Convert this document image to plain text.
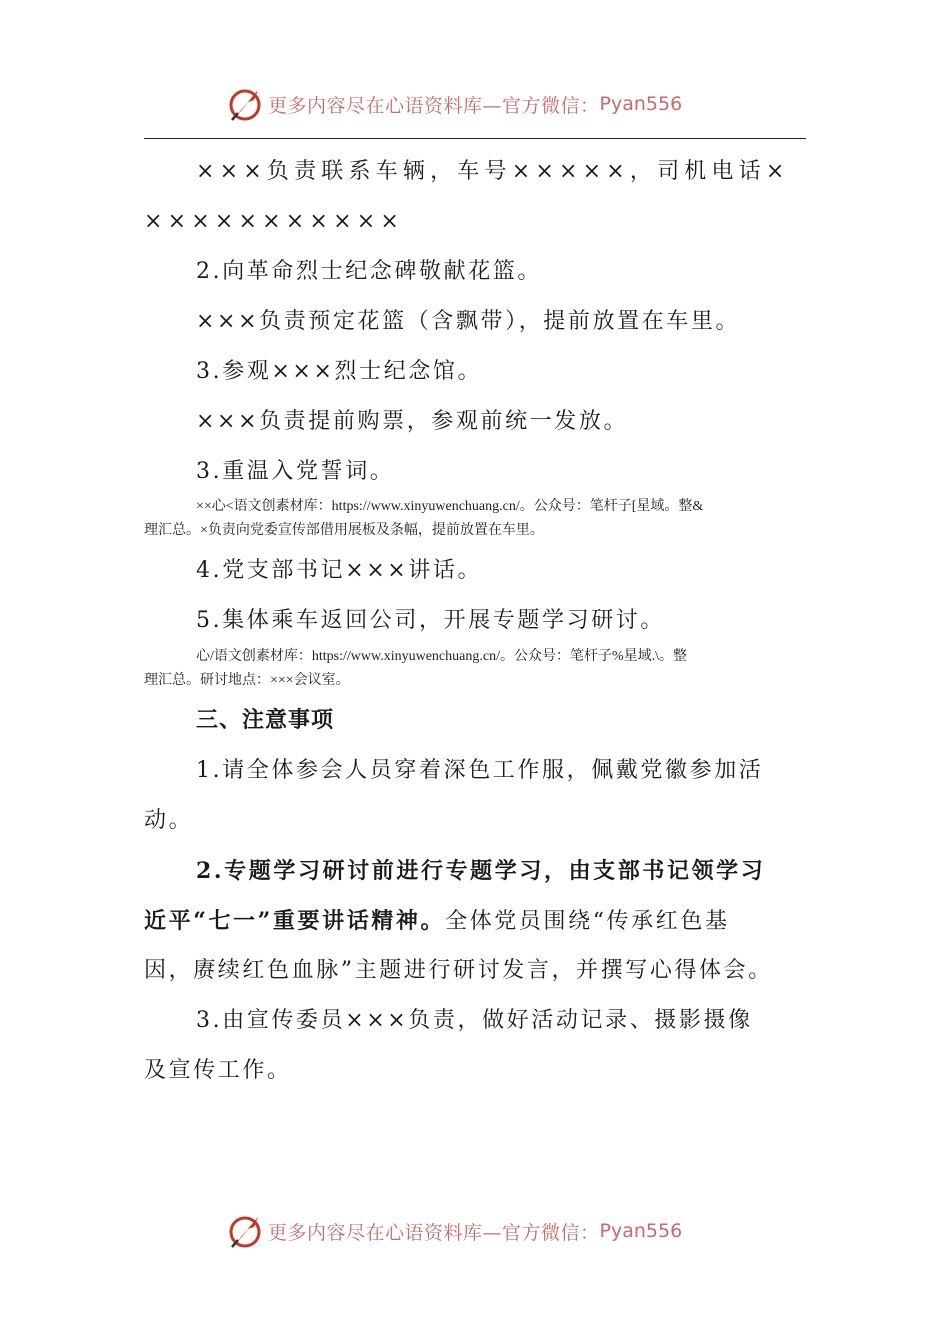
更多内容尽在心语资料库—官方微信： Pyan556
×××负责联系车辆，车号×××××，司机电话×
×××××××××××
2.向革命烈士纪念碑敬献花篮。
×××负责预定花篮（含飘带），提前放置在车里。
3.参观×××烈士纪念馆。
×××负责提前购票，参观前统一发放。
3.重温入党誓词。
××心<语文创素材库：https://www.xinyuwenchuang.cn/。公众号：笔杆子[星域。整&
理汇总。×负责向党委宣传部借用展板及条幅，提前放置在车里。
4.党支部书记×××讲话。
5.集体乘车返回公司，开展专题学习研讨。
心/语文创素材库：https://www.xinyuwenchuang.cn/。公众号：笔杆子%星域.\。整
理汇总。研讨地点：×××会议室。
三、注意事项
1.请全体参会人员穿着深色工作服，佩戴党徽参加活
动。
2.专题学习研讨前进行专题学习，由支部书记领学习
近平“七一”重要讲话精神。全体党员围绕“传承红色基
因，赓续红色血脉”主题进行研讨发言，并撰写心得体会。
3.由宣传委员×××负责，做好活动记录、摄影摄像
及宣传工作。
更多内容尽在心语资料库—官方微信： Pyan556
